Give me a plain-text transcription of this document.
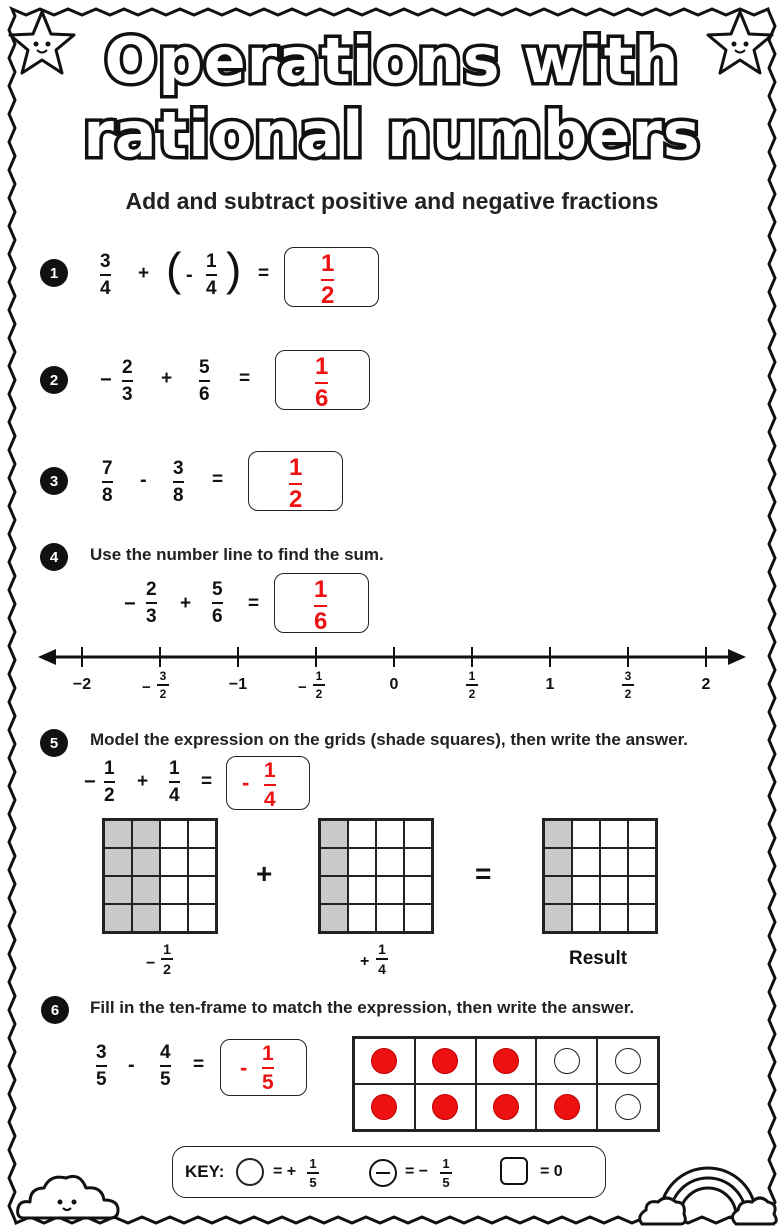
Operations with
rational numbers
Add and subtract positive and negative fractions
1
3
4
+ ( -
1
4 ) = 1
2
2	−
2
3
+
5
6
=	1
6
3
7
8
-
3
8
=	1
2
4	Use the number line to find the sum.
−
2
3
+
5
6
=
1
6
−2	−
3
2
−1	−
1
2
0	1
2
1	3
2
2
5	Model the expression on the grids (shade squares), then write the answer.
−
1
2
+
1
4
= - 1
4
+	=
−
1
2	+
1
4	Result
6	Fill in the ten-frame to match the expression, then write the answer.
3
5
-
4
5
= -
1
5
KEY:	= + 1
5
= − 1
5
= 0
